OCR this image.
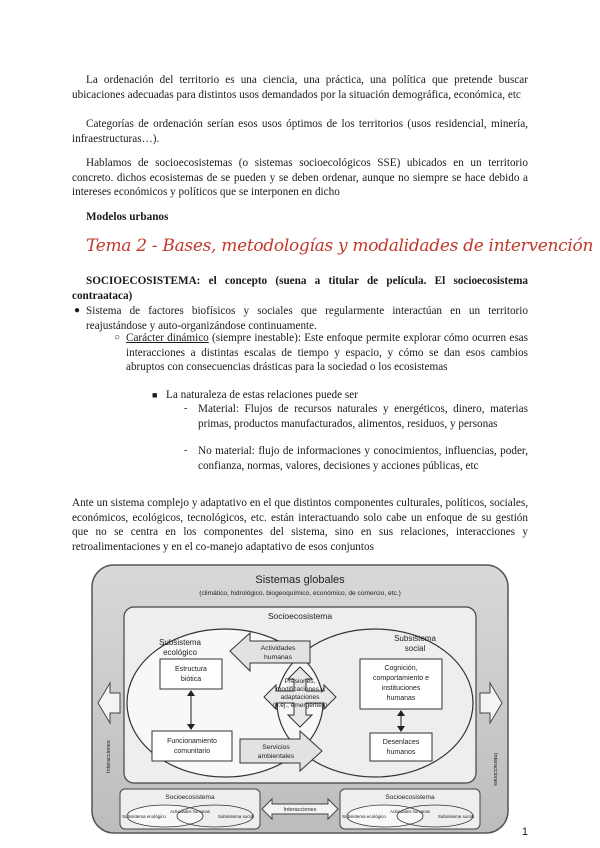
La ordenación del territorio es una ciencia, una práctica, una política que pretende buscar ubicaciones adecuadas para distintos usos demandados por la situación demográfica, económica, etc

Categorías de ordenación serían esos usos óptimos de los territorios (usos residencial, minería, infraestructuras…).

Hablamos de socioecosistemas (o sistemas socioecológicos SSE) ubicados en un territorio concreto. dichos ecosistemas de se pueden y se deben ordenar, aunque no siempre se hace debido a intereses económicos y políticos que se interponen en dicho

Modelos urbanos
Tema 2 - Bases, metodologías y modalidades de intervención

SOCIOECOSISTEMA: el concepto (suena a titular de película. El socioecosistema contraataca)

● Sistema de factores biofísicos y sociales que regularmente interactúan en un territorio reajustándose y auto-organizándose continuamente.

○ Carácter dinámico (siempre inestable): Este enfoque permite explorar cómo ocurren esas interacciones a distintas escalas de tiempo y espacio, y cómo se dan esos cambios abruptos con consecuencias drásticas para la sociedad o los ecosistemas

■ La naturaleza de estas relaciones puede ser

- Material: Flujos de recursos naturales y energéticos, dinero, materias primas, productos manufacturados, alimentos, residuos, y personas

- No material: flujo de informaciones y conocimientos, influencias, poder, confianza, normas, valores, decisiones y acciones públicas, etc

Ante un sistema complejo y adaptativo en el que distintos componentes culturales, políticos, sociales, económicos, ecológicos, tecnológicos, etc. están interactuando solo cabe un enfoque de su gestión que no se centra en los componentes del sistema, sino en sus relaciones, interacciones y retroalimentaciones y en el co-manejo adaptativo de esos conjuntos

Sistemas globales
(climático, hidrológico, biogeoquímico, económico, de comercio, etc.)
Socioecosistema
Subsistema
ecológico
Subsistema
social
Estructura
biótica
Funcionamiento
comunitario
Actividades
humanas
Presiones,
modificaciones y
adaptaciones
(p.ej., emergentes)
Servicios
ambientales
Cognición,
comportamiento e
instituciones
humanas
Desenlaces
humanos
Interacciones	Interacciones
Socioecosistema
Subsistema ecológico
Actividades humanas
Subsistema social
Interacciones
Socioecosistema
Subsistema ecológico
Actividades humanas
Subsistema social
1
